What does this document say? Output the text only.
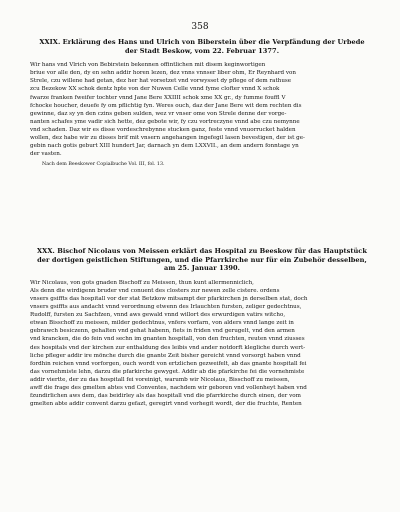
358
XXIX. Erklärung des Hans und Ulrich von Biberstein über die Verpfändung der Urbede
der Stadt Beskow, vom 22. Februar 1377.
Wir hans vnd Vlrich von Bebirstein bekennen offintlichen mit disem keginwortigen
briue vor alle den, dy en sehn addir horen lezen, dez vnns vnnser liber ohm, Er Reynhard von
Strele, czu willene had getan, dez her hat vorsetzet vnd vorwysset dy pflege of dem rathuse
zcu Bezekow XX schok dentz hpte von der Nuwen Celle vnnd fyme clofter vnnd X schok
fwarze franken fweifer tochter vnnd Jane Bere XXIIII schok xme XX gr., dy fumme fouffl V
fchocke houcher, deuefe fy om pflichtig fyn. Weres ouch, daz der Jane Bere wit dem rechten dis
gewinne, daz sy yn den czins geben sulden, wez vr vnser ome von Strele denne der vorge-
nanten schafes yme vadir sich hette, dez gebote wir, fy czu vortreczyne vnnd abe czu nemynne
vnd schaden. Daz wir es disse vordeschrebynne stucken ganz, feste vnnd vnuorrucket halden
wollen, dez habe wir zu disses brif mit vnsern angehangen ingefegil lasen bevestigen, der ist ge-
gebin nach gotis geburt XIII hundert Jar, darnach yn dem LXXVII., an dem andern fonntage yn
der vasten.
Nach dem Beeskower Copialbuche Vol. III, fol. 13.
XXX. Bischof Nicolaus von Meissen erklärt das Hospital zu Beeskow für das Hauptstück
der dortigen geistlichen Stiftungen, und die Pfarrkirche nur für ein Zubehör desselben,
am 25. Januar 1390.
Wir Nicolaus, von gots gnaden Bischoff zu Meissen, thun kunt allermenniclich,
Als denn die wirdigenn bruder vnd conuent des closters zur newen zelle cistere. ordens
vnsers gsiffts das hospitall vor der stat Betzkow mitsampt der pfarkirchen jn derselben stat, doch
vnsers gsiffts aus andacht vnnd verordnung etwenn des Irlauchten fursten, zeliger gedechtnus,
Rudolff, fursten zu Sachfzen, vnnd aws gewald vnnd willort des erwurdigen vatirs witcho,
etwan Bisschoff zu meissen, milder gedechtnus, vnfers vorfarn, von alders vnnd lange zeit in
gebrawch besiczenn, gehalten vnd gehat habenn, fiets in friden vnd gerugelt, vnd den armen
vnd krancken, die do fein vnd sechn im gnanten hospitall, von den fruchten, reuten vnnd ziusses
des hospitals vnd der kirchen zur enthaldung des leibis vnd ander notdorft klegliche durch wert-
liche pfleger addir ire mönche durch die gnante Zeit bisher gereicht vnnd vorsorgt haben vnnd
fordhin reichen vnnd vorforgen, ouch wordt von ertzlichen gezweifelt, ab das gnante hospitall fei
das vornehmiste lehn, darzu die pfarkirche gewyget. Addir ab die pfarkirche fei die vornehmiste
addir viertte, der zu das hospitall fei voreinigt, warumb wir Nicolaus, Bisschoff zu meissen,
awff die frage des gmelten abtes vnd Conventes, nachdem wir geboren vnd vollenheyt haben vnd
fzundirlichen aws dem, das beidirley als das hospitall vnd die pfarrkirche durch einen, der vom
gmelten abte addir convent darzu gefazt, geregirt vnnd vorhegit wordt, der die fruchte, Renten
